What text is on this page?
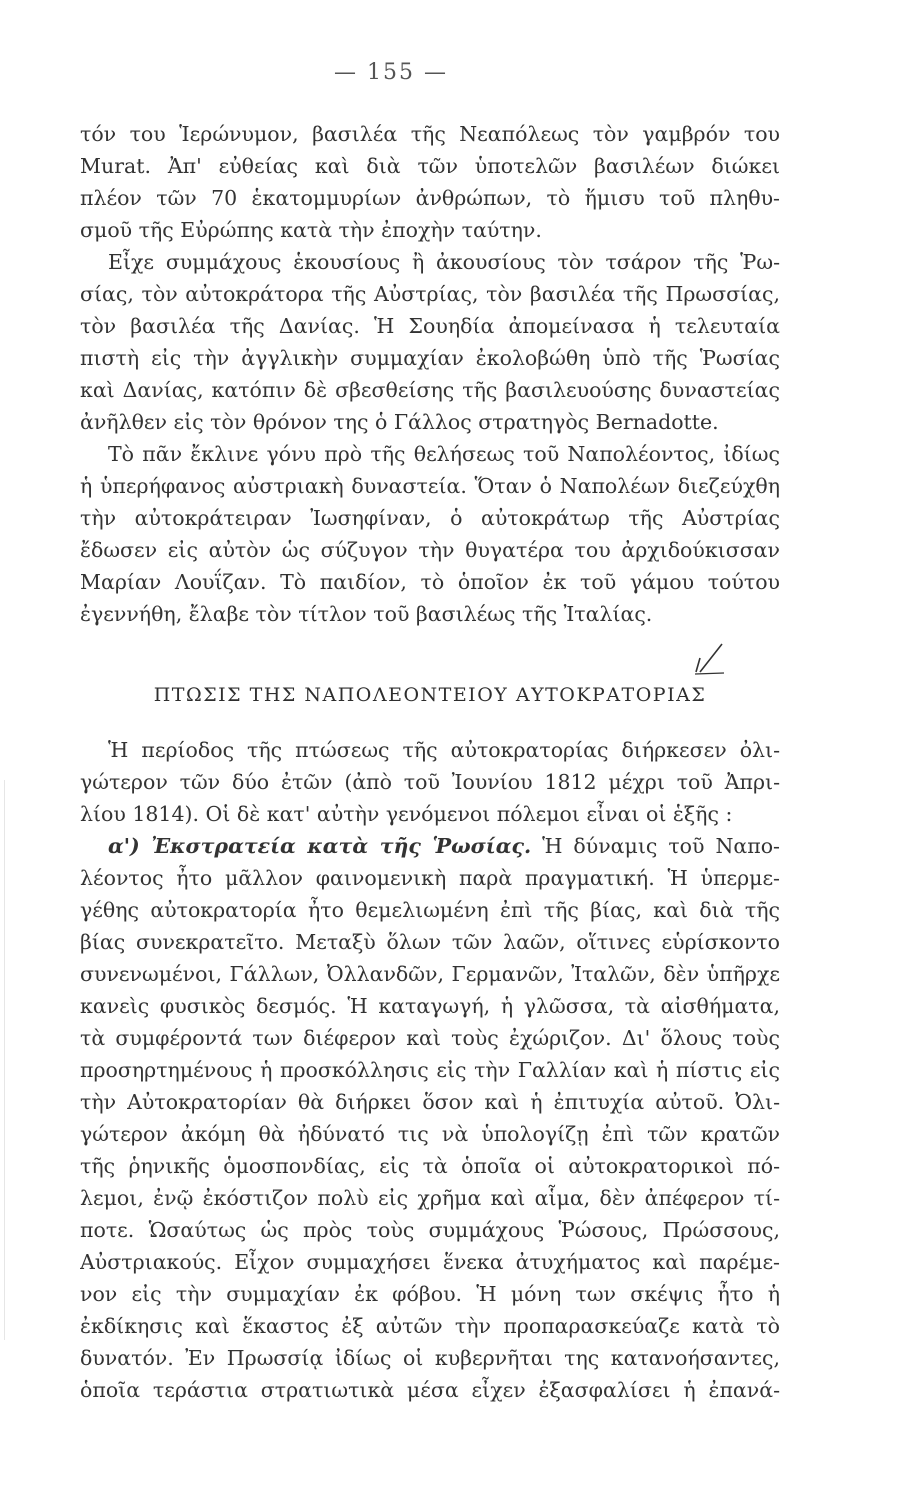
— 155 —
τόν του Ἱερώνυμον, βασιλέα τῆς Νεαπόλεως τὸν γαμβρόν του
Murat. Ἀπ' εὐθείας καὶ διὰ τῶν ὑποτελῶν βασιλέων διώκει
πλέον τῶν 70 ἑκατομμυρίων ἀνθρώπων, τὸ ἥμισυ τοῦ πληθυ-
σμοῦ τῆς Εὐρώπης κατὰ τὴν ἐποχὴν ταύτην.
Εἶχε συμμάχους ἑκουσίους ἢ ἀκουσίους τὸν τσάρον τῆς Ῥω-
σίας, τὸν αὐτοκράτορα τῆς Αὐστρίας, τὸν βασιλέα τῆς Πρωσσίας,
τὸν βασιλέα τῆς Δανίας. Ἡ Σουηδία ἀπομείνασα ἡ τελευταία
πιστὴ εἰς τὴν ἀγγλικὴν συμμαχίαν ἐκολοβώθη ὑπὸ τῆς Ῥωσίας
καὶ Δανίας, κατόπιν δὲ σβεσθείσης τῆς βασιλευούσης δυναστείας
ἀνῆλθεν εἰς τὸν θρόνον της ὁ Γάλλος στρατηγὸς Bernadotte.
Τὸ πᾶν ἔκλινε γόνυ πρὸ τῆς θελήσεως τοῦ Ναπολέοντος, ἰδίως
ἡ ὑπερήφανος αὐστριακὴ δυναστεία. Ὅταν ὁ Ναπολέων διεζεύχθη
τὴν αὐτοκράτειραν Ἰωσηφίναν, ὁ αὐτοκράτωρ τῆς Αὐστρίας
ἔδωσεν εἰς αὐτὸν ὡς σύζυγον τὴν θυγατέρα του ἀρχιδούκισσαν
Μαρίαν Λουΐζαν. Τὸ παιδίον, τὸ ὁποῖον ἐκ τοῦ γάμου τούτου
ἐγεννήθη, ἔλαβε τὸν τίτλον τοῦ βασιλέως τῆς Ἰταλίας.
ΠΤΩΣΙΣ ΤΗΣ ΝΑΠΟΛΕΟΝΤΕΙΟΥ ΑΥΤΟΚΡΑΤΟΡΙΑΣ
Ἡ περίοδος τῆς πτώσεως τῆς αὐτοκρατορίας διήρκεσεν ὀλι-
γώτερον τῶν δύο ἐτῶν (ἀπὸ τοῦ Ἰουνίου 1812 μέχρι τοῦ Ἀπρι-
λίου 1814). Οἱ δὲ κατ' αὐτὴν γενόμενοι πόλεμοι εἶναι οἱ ἑξῆς :
α') Ἐκστρατεία κατὰ τῆς Ῥωσίας. Ἡ δύναμις τοῦ Ναπο-
λέοντος ἦτο μᾶλλον φαινομενικὴ παρὰ πραγματική. Ἡ ὑπερμε-
γέθης αὐτοκρατορία ἦτο θεμελιωμένη ἐπὶ τῆς βίας, καὶ διὰ τῆς
βίας συνεκρατεῖτο. Μεταξὺ ὅλων τῶν λαῶν, οἵτινες εὑρίσκοντο
συνενωμένοι, Γάλλων, Ὀλλανδῶν, Γερμανῶν, Ἰταλῶν, δὲν ὑπῆρχε
κανεὶς φυσικὸς δεσμός. Ἡ καταγωγή, ἡ γλῶσσα, τὰ αἰσθήματα,
τὰ συμφέροντά των διέφερον καὶ τοὺς ἐχώριζον. Δι' ὅλους τοὺς
προσηρτημένους ἡ προσκόλλησις εἰς τὴν Γαλλίαν καὶ ἡ πίστις εἰς
τὴν Αὐτοκρατορίαν θὰ διήρκει ὅσον καὶ ἡ ἐπιτυχία αὐτοῦ. Ὀλι-
γώτερον ἀκόμη θὰ ἠδύνατό τις νὰ ὑπολογίζῃ ἐπὶ τῶν κρατῶν
τῆς ῥηνικῆς ὁμοσπονδίας, εἰς τὰ ὁποῖα οἱ αὐτοκρατορικοὶ πό-
λεμοι, ἐνῷ ἐκόστιζον πολὺ εἰς χρῆμα καὶ αἷμα, δὲν ἀπέφερον τί-
ποτε. Ὡσαύτως ὡς πρὸς τοὺς συμμάχους Ῥώσους, Πρώσσους,
Αὐστριακούς. Εἶχον συμμαχήσει ἕνεκα ἀτυχήματος καὶ παρέμε-
νον εἰς τὴν συμμαχίαν ἐκ φόβου. Ἡ μόνη των σκέψις ἦτο ἡ
ἐκδίκησις καὶ ἕκαστος ἐξ αὐτῶν τὴν προπαρασκεύαζε κατὰ τὸ
δυνατόν. Ἐν Πρωσσίᾳ ἰδίως οἱ κυβερνῆται της κατανοήσαντες,
ὁποῖα τεράστια στρατιωτικὰ μέσα εἶχεν ἐξασφαλίσει ἡ ἐπανά-
